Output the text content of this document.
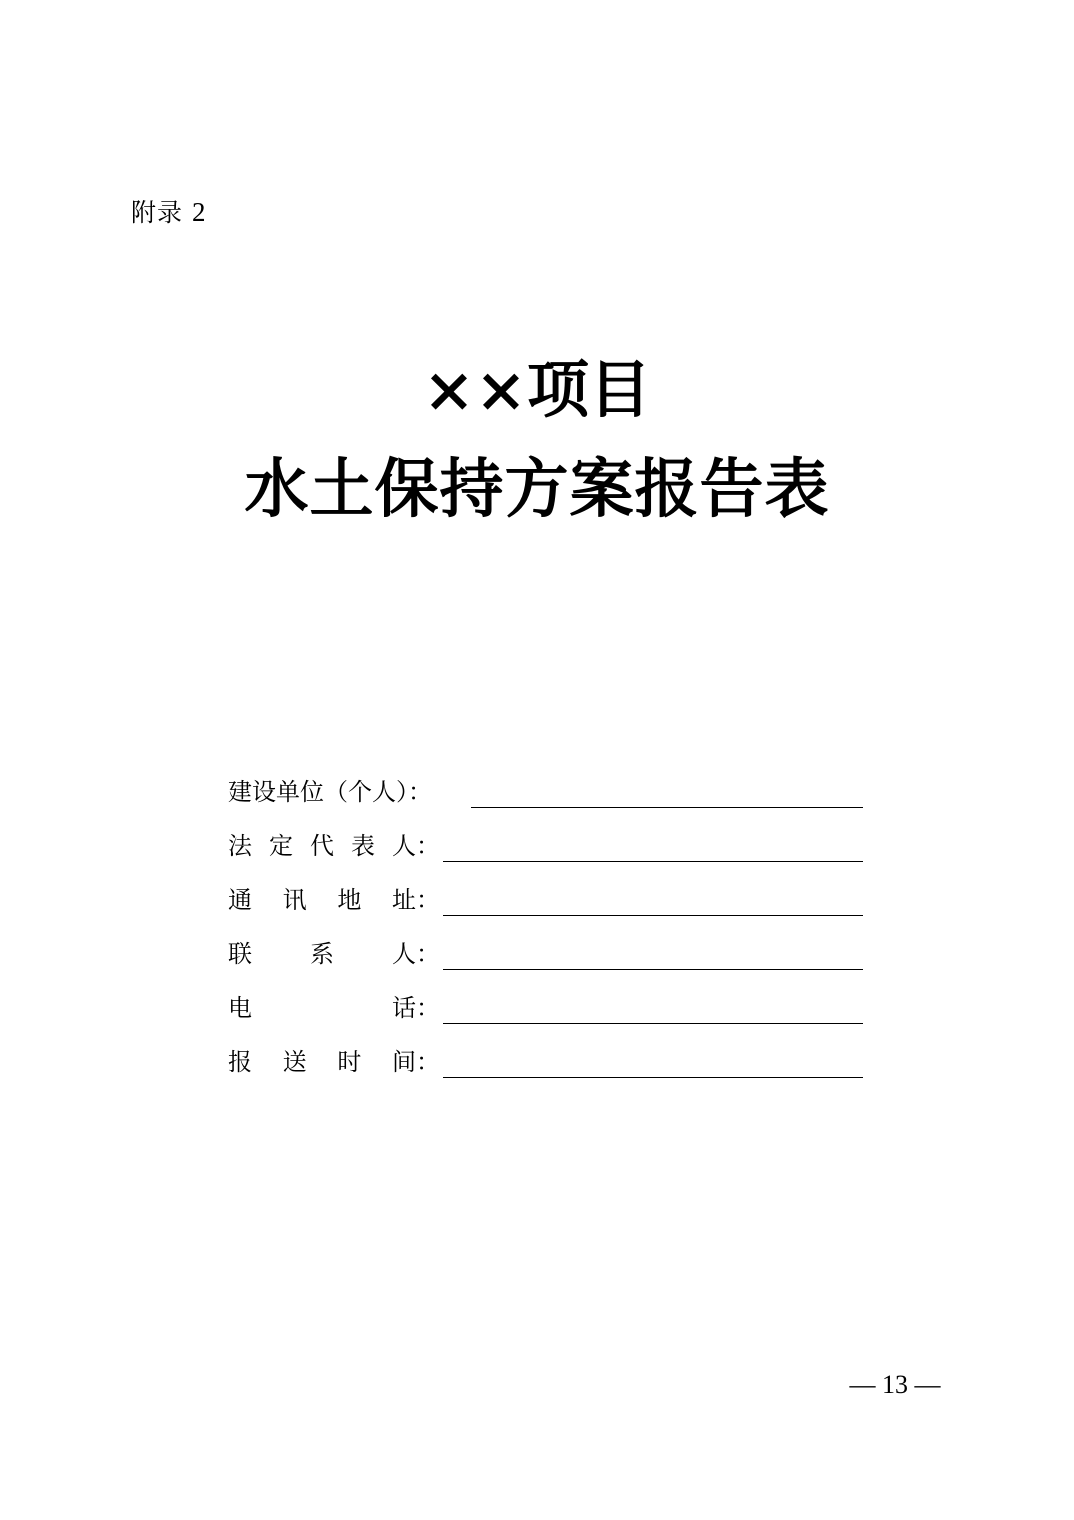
附录 2
××项目
水土保持方案报告表
建设单位（个人）：
法 定 代 表 人：
通 讯 地 址：
联 系 人：
电	话：
报 送 时 间：
— 13 —
